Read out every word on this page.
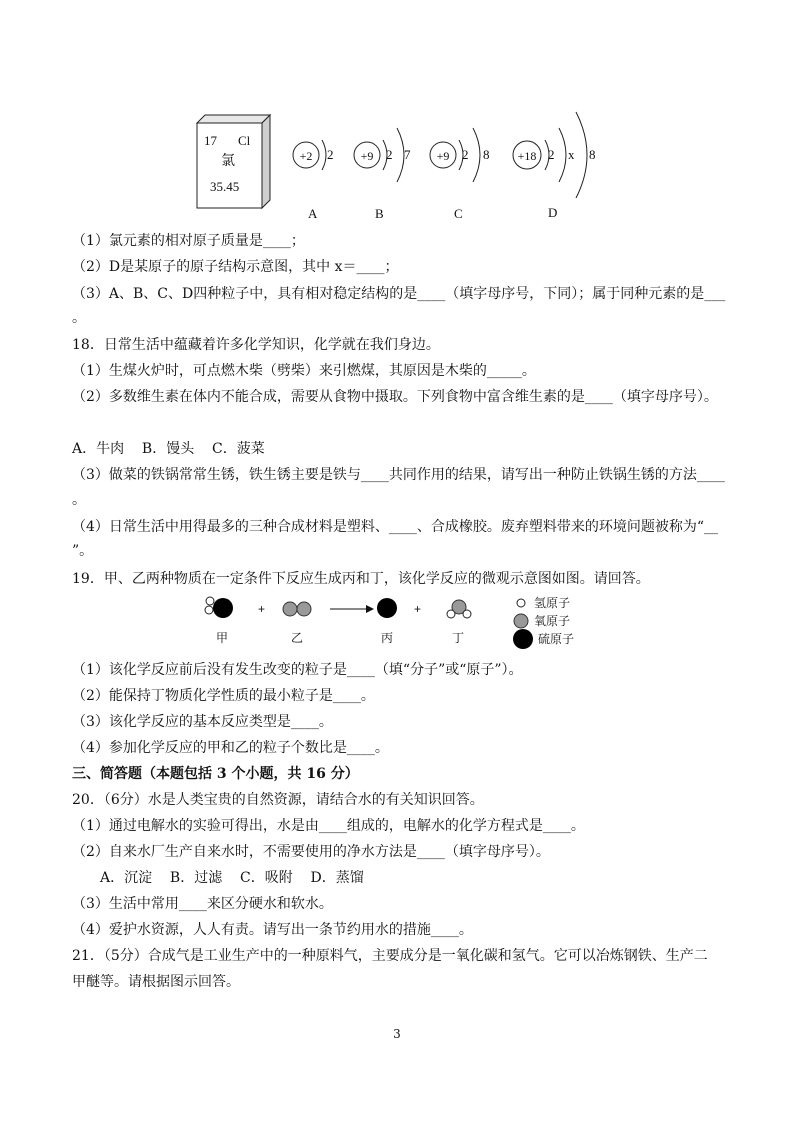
17 Cl
氯
35.45
+2 2
A
+9 2 7
B
+9 2 8
C
+18 2 x 8
D
（1）氯元素的相对原子质量是____；
（2）D是某原子的原子结构示意图，其中 x＝____；
（3）A、B、C、D四种粒子中，具有相对稳定结构的是____（填字母序号，下同）；属于同种元素的是___
。
18．日常生活中蕴藏着许多化学知识，化学就在我们身边。
（1）生煤火炉时，可点燃木柴（劈柴）来引燃煤，其原因是木柴的_____。
（2）多数维生素在体内不能合成，需要从食物中摄取。下列食物中富含维生素的是____（填字母序号）。
A．牛肉    B．馒头    C．菠菜
（3）做菜的铁锅常常生锈，铁生锈主要是铁与____共同作用的结果，请写出一种防止铁锅生锈的方法____
。
（4）日常生活中用得最多的三种合成材料是塑料、____、合成橡胶。废弃塑料带来的环境问题被称为“__
”。
19．甲、乙两种物质在一定条件下反应生成丙和丁，该化学反应的微观示意图如图。请回答。
甲
+
乙	丙
+
丁
氢原子
氧原子
硫原子
（1）该化学反应前后没有发生改变的粒子是____（填“分子”或“原子”）。
（2）能保持丁物质化学性质的最小粒子是____。
（3）该化学反应的基本反应类型是____。
（4）参加化学反应的甲和乙的粒子个数比是____。
三、简答题（本题包括 3 个小题，共 16 分）
20．（6分）水是人类宝贵的自然资源，请结合水的有关知识回答。
（1）通过电解水的实验可得出，水是由____组成的，电解水的化学方程式是____。
（2）自来水厂生产自来水时，不需要使用的净水方法是____（填字母序号）。
A．沉淀    B．过滤    C．吸附    D．蒸馏
（3）生活中常用____来区分硬水和软水。
（4）爱护水资源，人人有责。请写出一条节约用水的措施____。
21．（5分）合成气是工业生产中的一种原料气，主要成分是一氧化碳和氢气。它可以冶炼钢铁、生产二
甲醚等。请根据图示回答。
3
